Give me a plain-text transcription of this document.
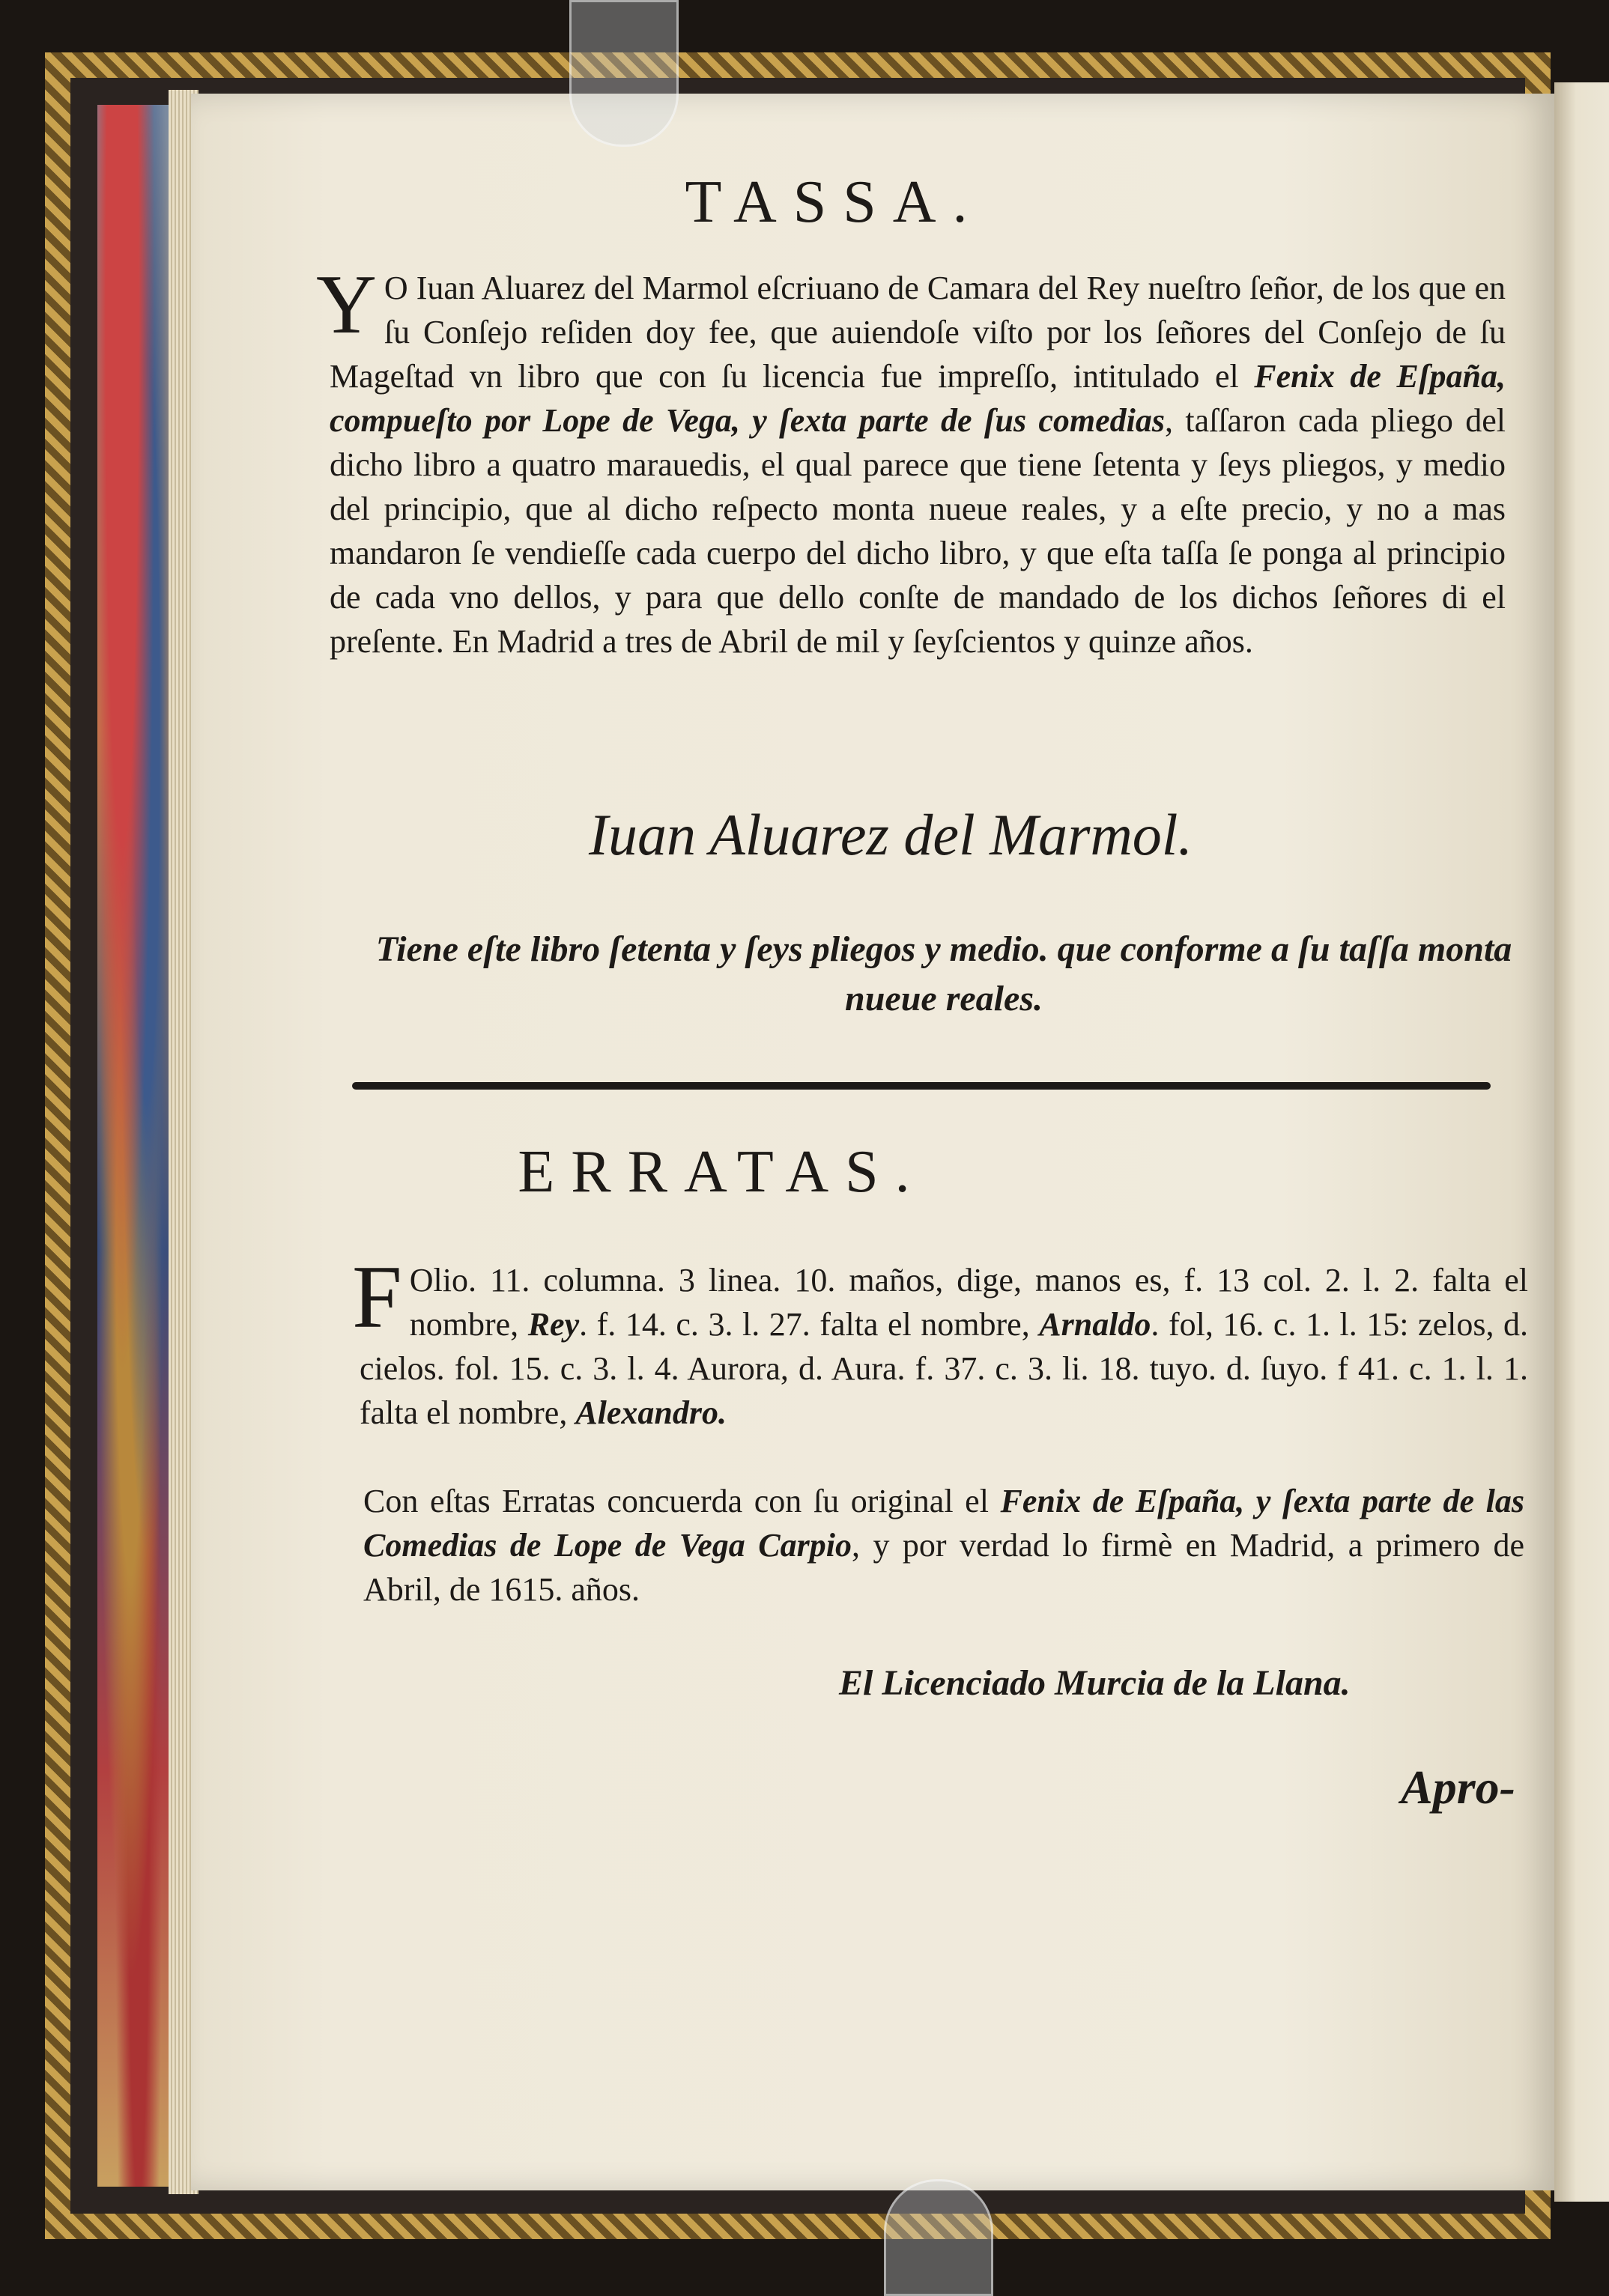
TASSA.
Y O Iuan Aluarez del Marmol eſcriuano de Camara del Rey nueſtro ſeñor, de los que en ſu Conſejo reſiden doy fee, que auiendoſe viſto por los ſeñores del Conſejo de ſu Mageſtad vn libro que con ſu licencia fue impreſſo, intitulado el Fenix de Eſpaña, compueſto por Lope de Vega, y ſexta parte de ſus comedias, taſſaron cada pliego del dicho libro a quatro marauedis, el qual parece que tiene ſetenta y ſeys pliegos, y medio del principio, que al dicho reſpecto monta nueue reales, y a eſte precio, y no a mas mandaron ſe vendieſſe cada cuerpo del dicho libro, y que eſta taſſa ſe ponga al principio de cada vno dellos, y para que dello conſte de mandado de los dichos ſeñores di el preſente. En Madrid a tres de Abril de mil y ſeyſcientos y quinze años.
Iuan Aluarez del Marmol.
Tiene eſte libro ſetenta y ſeys pliegos y medio. que conforme a ſu taſſa monta nueue reales.
ERRATAS.
F Olio. 11. columna. 3 linea. 10. maños, dige, manos es, f. 13 col. 2. l. 2. falta el nombre, Rey. f. 14. c. 3. l. 27. falta el nombre, Arnaldo. fol, 16. c. 1. l. 15: zelos, d. cielos. fol. 15. c. 3. l. 4. Aurora, d. Aura. f. 37. c. 3. li. 18. tuyo. d. ſuyo. f 41. c. 1. l. 1. falta el nombre, Alexandro.
Con eſtas Erratas concuerda con ſu original el Fenix de Eſpaña, y ſexta parte de las Comedias de Lope de Vega Carpio, y por verdad lo firmè en Madrid, a primero de Abril, de 1615. años.
El Licenciado Murcia de la Llana.
Apro-
